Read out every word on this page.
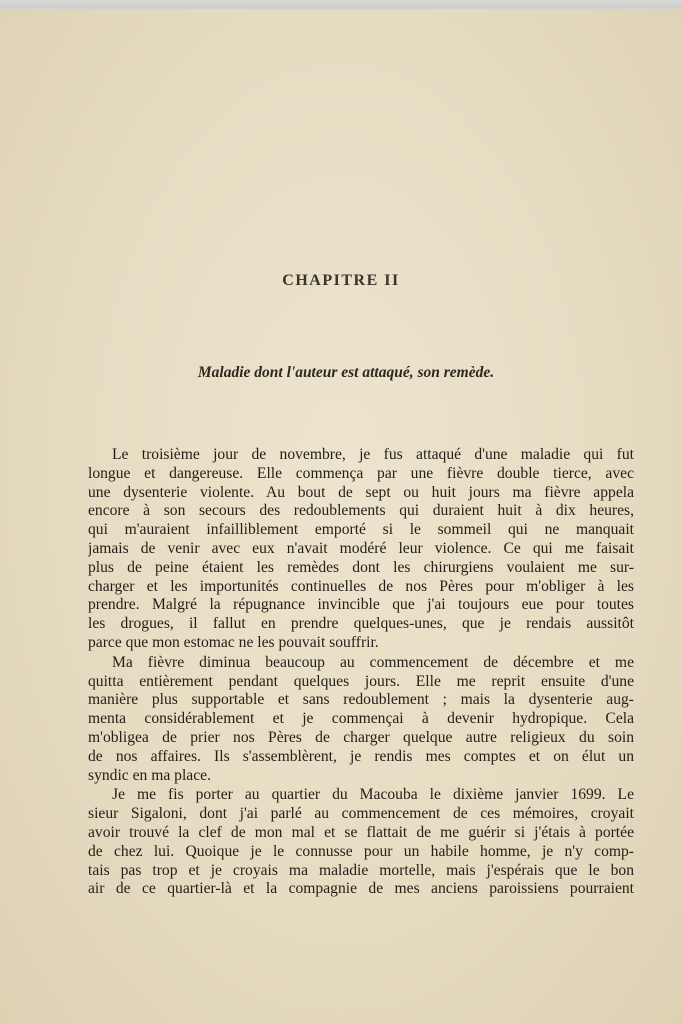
CHAPITRE II
Maladie dont l'auteur est attaqué, son remède.

Le troisième jour de novembre, je fus attaqué d'une maladie qui fut
longue et dangereuse. Elle commença par une fièvre double tierce, avec
une dysenterie violente. Au bout de sept ou huit jours ma fièvre appela
encore à son secours des redoublements qui duraient huit à dix heures,
qui m'auraient infailliblement emporté si le sommeil qui ne manquait
jamais de venir avec eux n'avait modéré leur violence. Ce qui me faisait
plus de peine étaient les remèdes dont les chirurgiens voulaient me sur-
charger et les importunités continuelles de nos Pères pour m'obliger à les
prendre. Malgré la répugnance invincible que j'ai toujours eue pour toutes
les drogues, il fallut en prendre quelques-unes, que je rendais aussitôt
parce que mon estomac ne les pouvait souffrir.

Ma fièvre diminua beaucoup au commencement de décembre et me
quitta entièrement pendant quelques jours. Elle me reprit ensuite d'une
manière plus supportable et sans redoublement ; mais la dysenterie aug-
menta considérablement et je commençai à devenir hydropique. Cela
m'obligea de prier nos Pères de charger quelque autre religieux du soin
de nos affaires. Ils s'assemblèrent, je rendis mes comptes et on élut un
syndic en ma place.

Je me fis porter au quartier du Macouba le dixième janvier 1699. Le
sieur Sigaloni, dont j'ai parlé au commencement de ces mémoires, croyait
avoir trouvé la clef de mon mal et se flattait de me guérir si j'étais à portée
de chez lui. Quoique je le connusse pour un habile homme, je n'y comp-
tais pas trop et je croyais ma maladie mortelle, mais j'espérais que le bon
air de ce quartier-là et la compagnie de mes anciens paroissiens pourraient
